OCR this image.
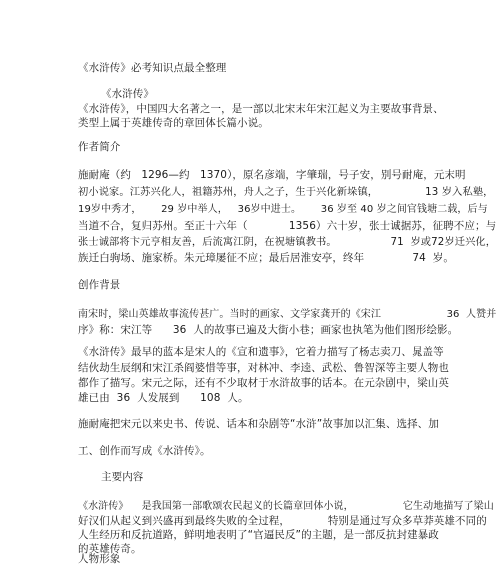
《水浒传》必考知识点最全整理

《水浒传》

《水浒传》，中国四大名著之一，是一部以北宋末年宋江起义为主要故事背景、

类型上属于英雄传奇的章回体长篇小说。

作者简介

施耐庵（约   1296—约   1370），原名彦端，字肇瑞，号子安，别号耐庵，元末明

初小说家。江苏兴化人，祖籍苏州，舟人之子，生于兴化新垛镇，              13 岁入私塾，

19岁中秀才，      29 岁中举人，   36岁中进士。      36 岁至 40 岁之间官钱塘二载，后与

当道不合，复归苏州。至正十六年（            1356）六十岁，张士诚据苏，征聘不应；与

张士诚部将卞元亨相友善，后流寓江阴，在祝塘镇教书。                71  岁或72岁迁兴化，

族迁白驹场、施家桥。朱元璋屡征不应；最后居淮安亭，终年              74  岁。

创作背景

南宋时，梁山英雄故事流传甚广。当时的画家、文学家龚开的《宋江                    36  人赞并

序》称：宋江等      36  人的故事已遍及大街小巷；画家也执笔为他们图形绘影。

《水浒传》最早的蓝本是宋人的《宣和遗事》，它着力描写了杨志卖刀、晁盖等

结伙劫生辰纲和宋江杀阎婆惜等事，对林冲、李逵、武松、鲁智深等主要人物也

都作了描写。宋元之际，还有不少取材于水浒故事的话本。在元杂剧中，梁山英

雄已由  36  人发展到      108  人。

施耐庵把宋元以来史书、传说、话本和杂剧等“水浒”故事加以汇集、选择、加

工、创作而写成《水浒传》。

主要内容

《水浒传》    是我国第一部歌颂农民起义的长篇章回体小说，               它生动地描写了梁山

好汉们从起义到兴盛再到最终失败的全过程，           特别是通过写众多草莽英雄不同的

人生经历和反抗道路，鲜明地表明了“官逼民反”的主题，是一部反抗封建暴政

的英雄传奇。

人物形象
